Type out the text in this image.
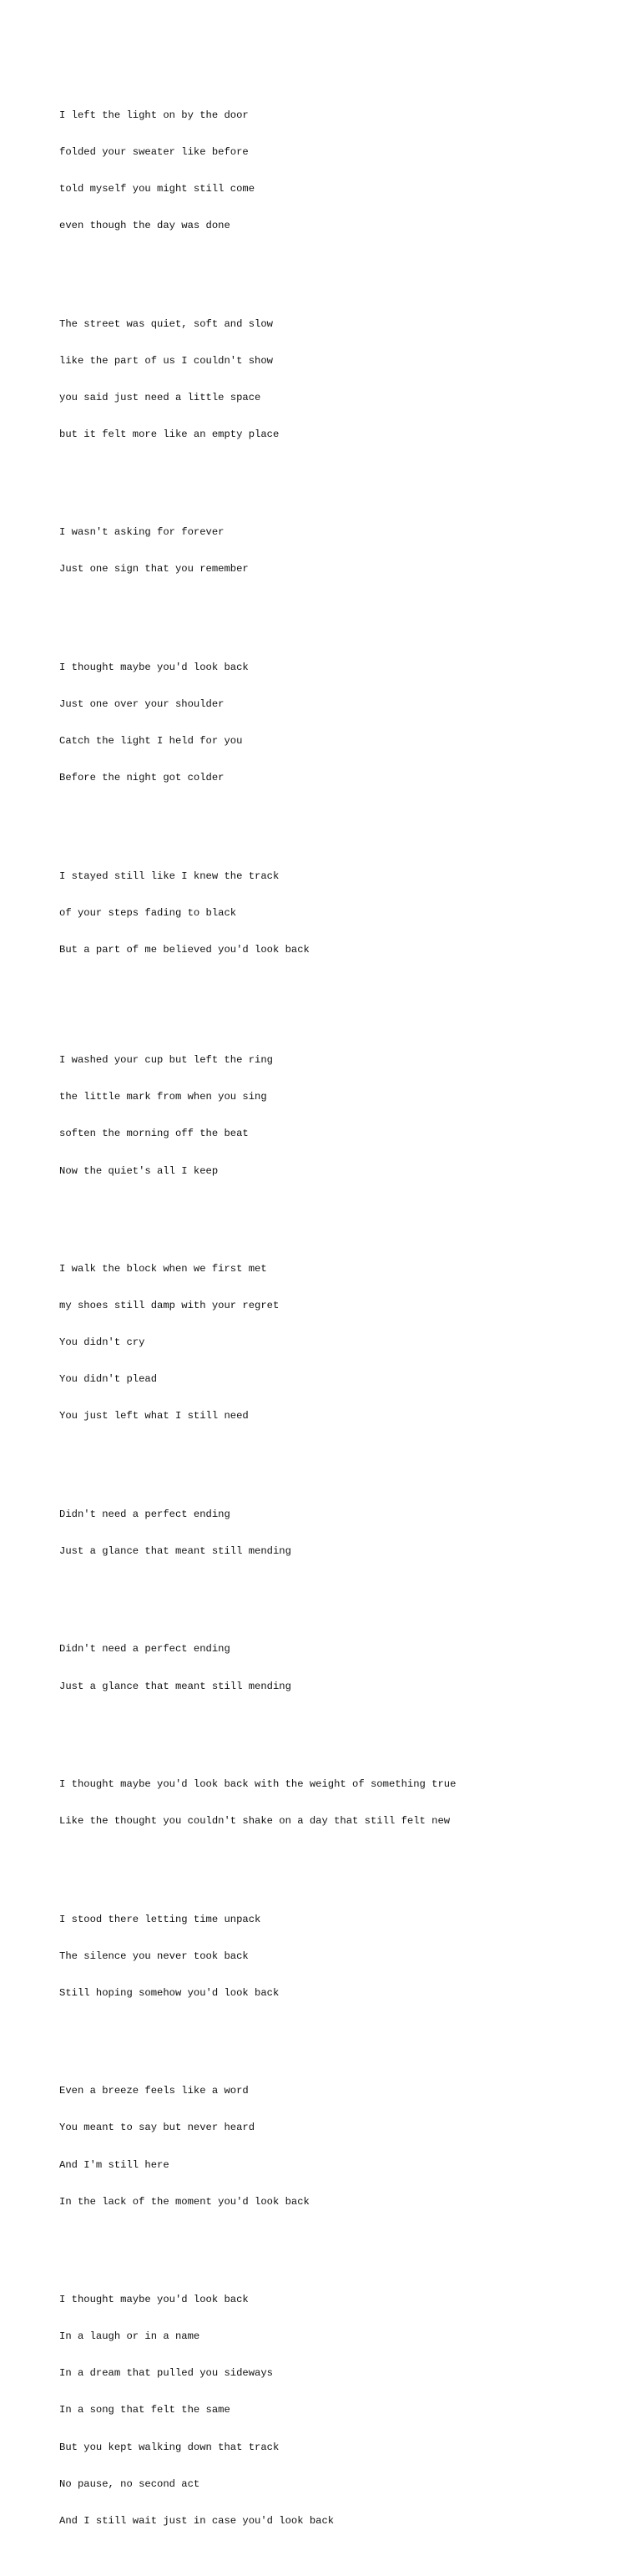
I left the light on by the door

folded your sweater like before

told myself you might still come

even though the day was done

The street was quiet, soft and slow

like the part of us I couldn't show

you said just need a little space

but it felt more like an empty place

I wasn't asking for forever

Just one sign that you remember

I thought maybe you'd look back

Just one over your shoulder

Catch the light I held for you

Before the night got colder

I stayed still like I knew the track

of your steps fading to black

But a part of me believed you'd look back

I washed your cup but left the ring

the little mark from when you sing

soften the morning off the beat

Now the quiet's all I keep

I walk the block when we first met

my shoes still damp with your regret

You didn't cry

You didn't plead

You just left what I still need

Didn't need a perfect ending

Just a glance that meant still mending

Didn't need a perfect ending

Just a glance that meant still mending

I thought maybe you'd look back with the weight of something true

Like the thought you couldn't shake on a day that still felt new

I stood there letting time unpack

The silence you never took back

Still hoping somehow you'd look back

Even a breeze feels like a word

You meant to say but never heard

And I'm still here

In the lack of the moment you'd look back

I thought maybe you'd look back

In a laugh or in a name

In a dream that pulled you sideways

In a song that felt the same

But you kept walking down that track

No pause, no second act

And I still wait just in case you'd look back
